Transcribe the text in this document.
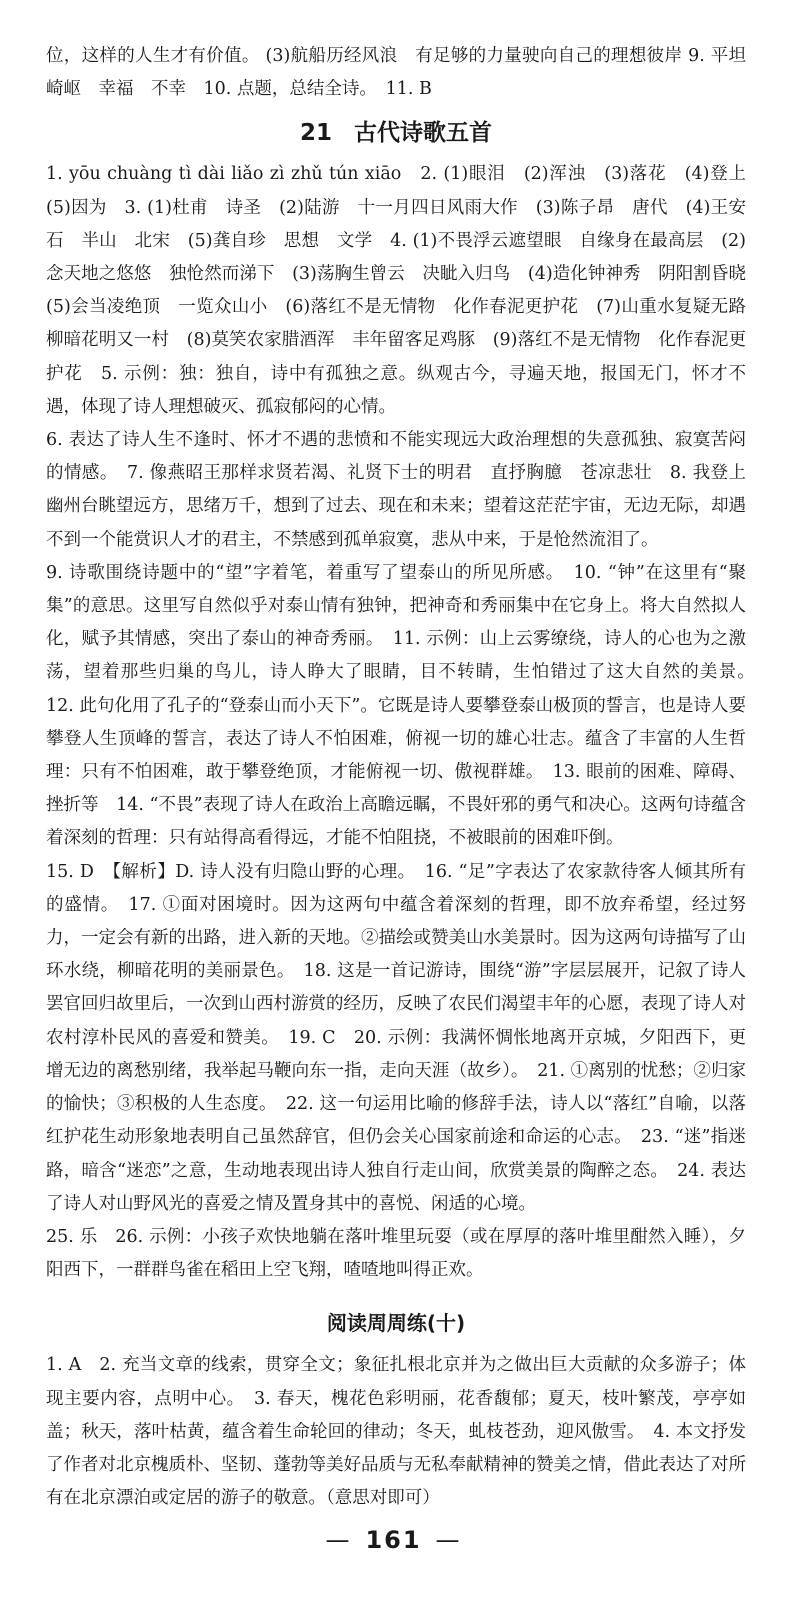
位，这样的人生才有价值。 (3)航船历经风浪　有足够的力量驶向自己的理想彼岸 9. 平坦　崎岖　幸福　不幸　10. 点题，总结全诗。　11. B

21 古代诗歌五首

1. yōu chuàng tì dài liǎo zì zhǔ tún xiāo　2. (1)眼泪　(2)浑浊　(3)落花　(4)登上　(5)因为　3. (1)杜甫　诗圣　(2)陆游　十一月四日风雨大作　(3)陈子昂　唐代　(4)王安石　半山　北宋　(5)龚自珍　思想　文学　4. (1)不畏浮云遮望眼　自缘身在最高层　(2)念天地之悠悠　独怆然而涕下　(3)荡胸生曾云　决眦入归鸟　(4)造化钟神秀　阴阳割昏晓　(5)会当凌绝顶　一览众山小　(6)落红不是无情物　化作春泥更护花　(7)山重水复疑无路　柳暗花明又一村　(8)莫笑农家腊酒浑　丰年留客足鸡豚　(9)落红不是无情物　化作春泥更护花　5. 示例：独：独自，诗中有孤独之意。纵观古今，寻遍天地，报国无门，怀才不遇，体现了诗人理想破灭、孤寂郁闷的心情。

6. 表达了诗人生不逢时、怀才不遇的悲愤和不能实现远大政治理想的失意孤独、寂寞苦闷的情感。　7. 像燕昭王那样求贤若渴、礼贤下士的明君　直抒胸臆　苍凉悲壮　8. 我登上幽州台眺望远方，思绪万千，想到了过去、现在和未来；望着这茫茫宇宙，无边无际，却遇不到一个能赏识人才的君主，不禁感到孤单寂寞，悲从中来，于是怆然流泪了。

9. 诗歌围绕诗题中的“望”字着笔，着重写了望泰山的所见所感。　10. “钟”在这里有“聚集”的意思。这里写自然似乎对泰山情有独钟，把神奇和秀丽集中在它身上。将大自然拟人化，赋予其情感，突出了泰山的神奇秀丽。　11. 示例：山上云雾缭绕，诗人的心也为之激荡，望着那些归巢的鸟儿，诗人睁大了眼睛，目不转睛，生怕错过了这大自然的美景。　12. 此句化用了孔子的“登泰山而小天下”。它既是诗人要攀登泰山极顶的誓言，也是诗人要攀登人生顶峰的誓言，表达了诗人不怕困难，俯视一切的雄心壮志。蕴含了丰富的人生哲理：只有不怕困难，敢于攀登绝顶，才能俯视一切、傲视群雄。　13. 眼前的困难、障碍、挫折等　14. “不畏”表现了诗人在政治上高瞻远瞩，不畏奸邪的勇气和决心。这两句诗蕴含着深刻的哲理：只有站得高看得远，才能不怕阻挠，不被眼前的困难吓倒。

15. D　【解析】D. 诗人没有归隐山野的心理。　16. “足”字表达了农家款待客人倾其所有的盛情。　17. ①面对困境时。因为这两句中蕴含着深刻的哲理，即不放弃希望，经过努力，一定会有新的出路，进入新的天地。②描绘或赞美山水美景时。因为这两句诗描写了山环水绕，柳暗花明的美丽景色。　18. 这是一首记游诗，围绕“游”字层层展开，记叙了诗人罢官回归故里后，一次到山西村游赏的经历，反映了农民们渴望丰年的心愿，表现了诗人对农村淳朴民风的喜爱和赞美。　19. C　20. 示例：我满怀惆怅地离开京城，夕阳西下，更增无边的离愁别绪，我举起马鞭向东一指，走向天涯（故乡）。　21. ①离别的忧愁；②归家的愉快；③积极的人生态度。　22. 这一句运用比喻的修辞手法，诗人以“落红”自喻，以落红护花生动形象地表明自己虽然辞官，但仍会关心国家前途和命运的心志。　23. “迷”指迷路，暗含“迷恋”之意，生动地表现出诗人独自行走山间，欣赏美景的陶醉之态。　24. 表达了诗人对山野风光的喜爱之情及置身其中的喜悦、闲适的心境。

25. 乐　26. 示例：小孩子欢快地躺在落叶堆里玩耍（或在厚厚的落叶堆里酣然入睡），夕阳西下，一群群鸟雀在稻田上空飞翔，喳喳地叫得正欢。

阅读周周练(十)

1. A　2. 充当文章的线索，贯穿全文；象征扎根北京并为之做出巨大贡献的众多游子；体现主要内容，点明中心。　3. 春天，槐花色彩明丽，花香馥郁；夏天，枝叶繁茂，亭亭如盖；秋天，落叶枯黄，蕴含着生命轮回的律动；冬天，虬枝苍劲，迎风傲雪。　4. 本文抒发了作者对北京槐质朴、坚韧、蓬勃等美好品质与无私奉献精神的赞美之情，借此表达了对所有在北京漂泊或定居的游子的敬意。（意思对即可）

— 161 —
